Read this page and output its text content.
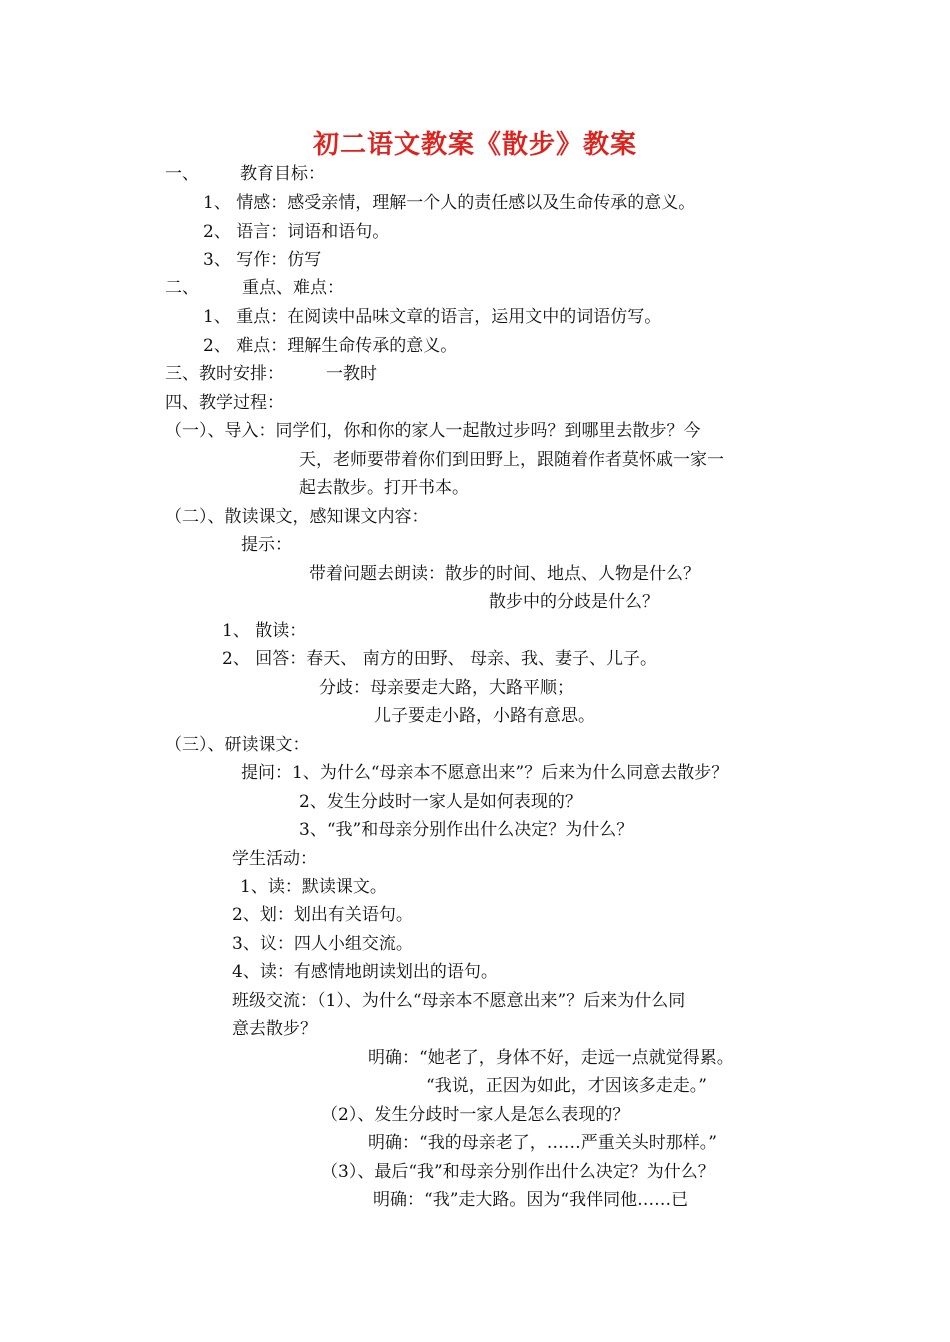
初二语文教案《散步》教案
一、 教育目标：
1、 情感：感受亲情，理解一个人的责任感以及生命传承的意义。
2、 语言：词语和语句。
3、 写作：仿写
二、	重点、难点：
1、 重点：在阅读中品味文章的语言，运用文中的词语仿写。
2、 难点：理解生命传承的意义。
三、教时安排： 一教时
四、教学过程：
（一）、导入：同学们，你和你的家人一起散过步吗？到哪里去散步？今
天，老师要带着你们到田野上，跟随着作者莫怀戚一家一
起去散步。打开书本。
（二）、散读课文，感知课文内容：
提示：
带着问题去朗读：散步的时间、地点、人物是什么？
散步中的分歧是什么？
1、 散读：
2、 回答：春天、 南方的田野、 母亲、我、妻子、儿子。
分歧：母亲要走大路，大路平顺；
儿子要走小路，小路有意思。
（三）、研读课文：
提问：1、为什么“母亲本不愿意出来”？后来为什么同意去散步？
2、发生分歧时一家人是如何表现的？
3、“我”和母亲分别作出什么决定？为什么？
学生活动：
1、读：默读课文。
2、划：划出有关语句。
3、议：四人小组交流。
4、读：有感情地朗读划出的语句。
班级交流：（1）、为什么“母亲本不愿意出来”？后来为什么同
意去散步？
明确：“她老了，身体不好，走远一点就觉得累。
“我说，正因为如此，才因该多走走。”
（2）、发生分歧时一家人是怎么表现的？
明确：“我的母亲老了，……严重关头时那样。”
（3）、最后“我”和母亲分别作出什么决定？为什么？
明确：“我”走大路。因为“我伴同他……已
